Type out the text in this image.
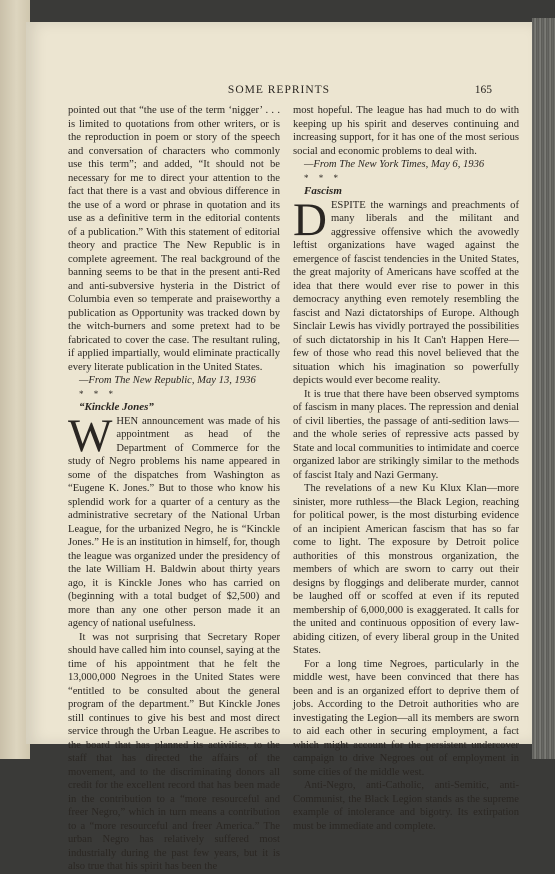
SOME REPRINTS	165

pointed out that “the use of the term ‘nigger’ . . . is limited to quotations from other writers, or is the reproduction in poem or story of the speech and conversation of characters who commonly use this term”; and added, “It should not be necessary for me to direct your attention to the fact that there is a vast and obvious difference in the use of a word or phrase in quotation and its use as a definitive term in the editorial contents of a publication.” With this statement of editorial theory and practice The New Republic is in complete agreement. The real background of the banning seems to be that in the present anti-Red and anti-subversive hysteria in the District of Columbia even so temperate and praiseworthy a publication as Opportunity was tracked down by the witch-burners and some pretext had to be fabricated to cover the case. The resultant ruling, if applied impartially, would eliminate practically every literate publication in the United States.

—From The New Republic, May 13, 1936

* * *

“Kinckle Jones”

WHEN announcement was made of his appointment as head of the Department of Commerce for the study of Negro problems his name appeared in some of the dispatches from Washington as “Eugene K. Jones.” But to those who know his splendid work for a quarter of a century as the administrative secretary of the National Urban League, for the urbanized Negro, he is “Kinckle Jones.” He is an institution in himself, for, though the league was organized under the presidency of the late William H. Baldwin about thirty years ago, it is Kinckle Jones who has carried on (beginning with a total budget of $2,500) and more than any one other person made it an agency of national usefulness.

It was not surprising that Secretary Roper should have called him into counsel, saying at the time of his appointment that he felt the 13,000,000 Negroes in the United States were “entitled to be consulted about the general program of the department.” But Kinckle Jones still continues to give his best and most direct service through the Urban League. He ascribes to the board that has planned its activities, to the staff that has directed the affairs of the movement, and to the discriminating donors all credit for the excellent record that has been made in the contribution to a “more resourceful and freer Negro,” which in turn means a contribution to a “more resourceful and freer America.” The urban Negro has relatively suffered most industrially during the past few years, but it is also true that his spirit has been the

most hopeful. The league has had much to do with keeping up his spirit and deserves continuing and increasing support, for it has one of the most serious social and economic problems to deal with.

—From The New York Times, May 6, 1936

* * *

Fascism

DESPITE the warnings and preachments of many liberals and the militant and aggressive offensive which the avowedly leftist organizations have waged against the emergence of fascist tendencies in the United States, the great majority of Americans have scoffed at the idea that there would ever rise to power in this democracy anything even remotely resembling the fascist and Nazi dictatorships of Europe. Although Sinclair Lewis has vividly portrayed the possibilities of such dictatorship in his It Can't Happen Here—few of those who read this novel believed that the situation which his imagination so powerfully depicts would ever become reality.

It is true that there have been observed symptoms of fascism in many places. The repression and denial of civil liberties, the passage of anti-sedition laws—and the whole series of repressive acts passed by State and local communities to intimidate and coerce organized labor are strikingly similar to the methods of fascist Italy and Nazi Germany.

The revelations of a new Ku Klux Klan—more sinister, more ruthless—the Black Legion, reaching for political power, is the most disturbing evidence of an incipient American fascism that has so far come to light. The exposure by Detroit police authorities of this monstrous organization, the members of which are sworn to carry out their designs by floggings and deliberate murder, cannot be laughed off or scoffed at even if its reputed membership of 6,000,000 is exaggerated. It calls for the united and continuous opposition of every law-abiding citizen, of every liberal group in the United States.

For a long time Negroes, particularly in the middle west, have been convinced that there has been and is an organized effort to deprive them of jobs. According to the Detroit authorities who are investigating the Legion—all its members are sworn to aid each other in securing employment, a fact which might account for the persistent undercover campaign to drive Negroes out of employment in some cities of the middle west.

Anti-Negro, anti-Catholic, anti-Semitic, anti-Communist, the Black Legion stands as the supreme example of intolerance and bigotry. Its extirpation must be immediate and complete.
